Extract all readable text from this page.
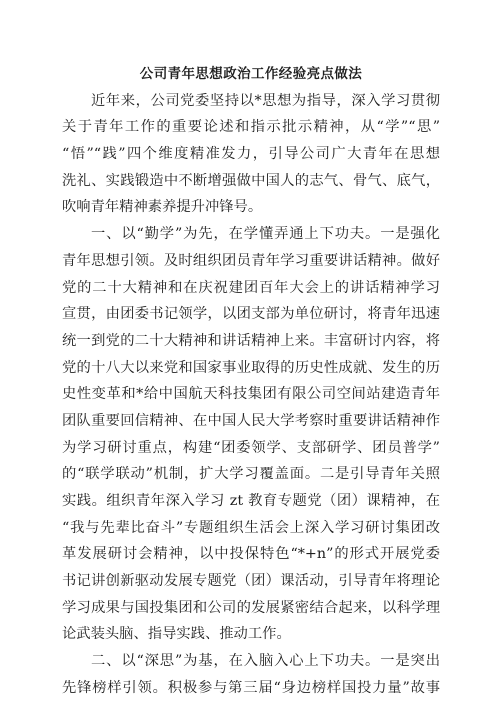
公司青年思想政治工作经验亮点做法
近年来，公司党委坚持以*思想为指导，深入学习贯彻
关于青年工作的重要论述和指示批示精神，从“学”“思”
“悟”“践”四个维度精准发力，引导公司广大青年在思想
洗礼、实践锻造中不断增强做中国人的志气、骨气、底气，
吹响青年精神素养提升冲锋号。
一、以“勤学”为先，在学懂弄通上下功夫。一是强化
青年思想引领。及时组织团员青年学习重要讲话精神。做好
党的二十大精神和在庆祝建团百年大会上的讲话精神学习
宣贯，由团委书记领学，以团支部为单位研讨，将青年迅速
统一到党的二十大精神和讲话精神上来。丰富研讨内容，将
党的十八大以来党和国家事业取得的历史性成就、发生的历
史性变革和*给中国航天科技集团有限公司空间站建造青年
团队重要回信精神、在中国人民大学考察时重要讲话精神作
为学习研讨重点，构建“团委领学、支部研学、团员普学”
的“联学联动”机制，扩大学习覆盖面。二是引导青年关照
实践。组织青年深入学习 zt 教育专题党（团）课精神，在
“我与先辈比奋斗”专题组织生活会上深入学习研讨集团改
革发展研讨会精神，以中投保特色“*+n”的形式开展党委
书记讲创新驱动发展专题党（团）课活动，引导青年将理论
学习成果与国投集团和公司的发展紧密结合起来，以科学理
论武装头脑、指导实践、推动工作。
二、以“深思”为基，在入脑入心上下功夫。一是突出
先锋榜样引领。积极参与第三届“身边榜样国投力量”故事
